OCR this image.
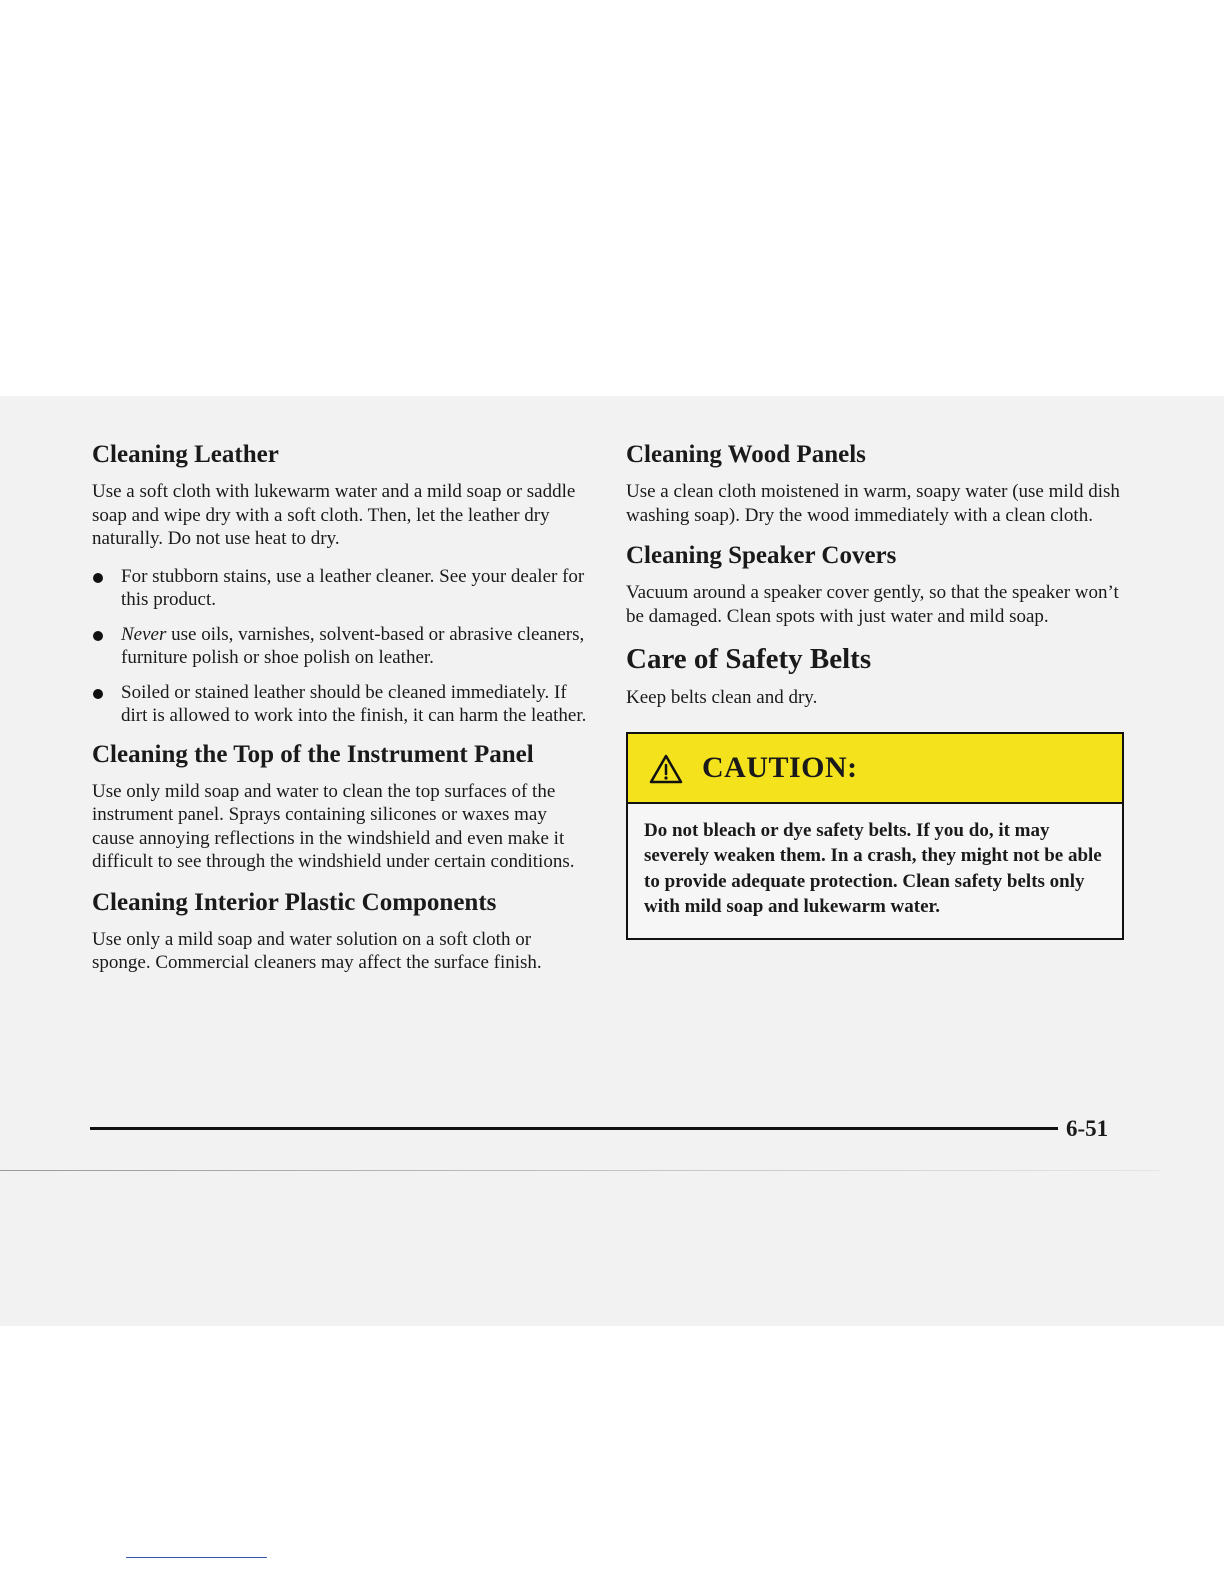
Cleaning Leather

Use a soft cloth with lukewarm water and a mild soap or saddle soap and wipe dry with a soft cloth. Then, let the leather dry naturally. Do not use heat to dry.

For stubborn stains, use a leather cleaner. See your dealer for this product.
Never use oils, varnishes, solvent-based or abrasive cleaners, furniture polish or shoe polish on leather.
Soiled or stained leather should be cleaned immediately. If dirt is allowed to work into the finish, it can harm the leather.
Cleaning the Top of the Instrument Panel

Use only mild soap and water to clean the top surfaces of the instrument panel. Sprays containing silicones or waxes may cause annoying reflections in the windshield and even make it difficult to see through the windshield under certain conditions.

Cleaning Interior Plastic Components

Use only a mild soap and water solution on a soft cloth or sponge. Commercial cleaners may affect the surface finish.

Cleaning Wood Panels

Use a clean cloth moistened in warm, soapy water (use mild dish washing soap). Dry the wood immediately with a clean cloth.

Cleaning Speaker Covers

Vacuum around a speaker cover gently, so that the speaker won’t be damaged. Clean spots with just water and mild soap.

Care of Safety Belts

Keep belts clean and dry.

CAUTION:
Do not bleach or dye safety belts. If you do, it may severely weaken them. In a crash, they might not be able to provide adequate protection. Clean safety belts only with mild soap and lukewarm water.
6-51
